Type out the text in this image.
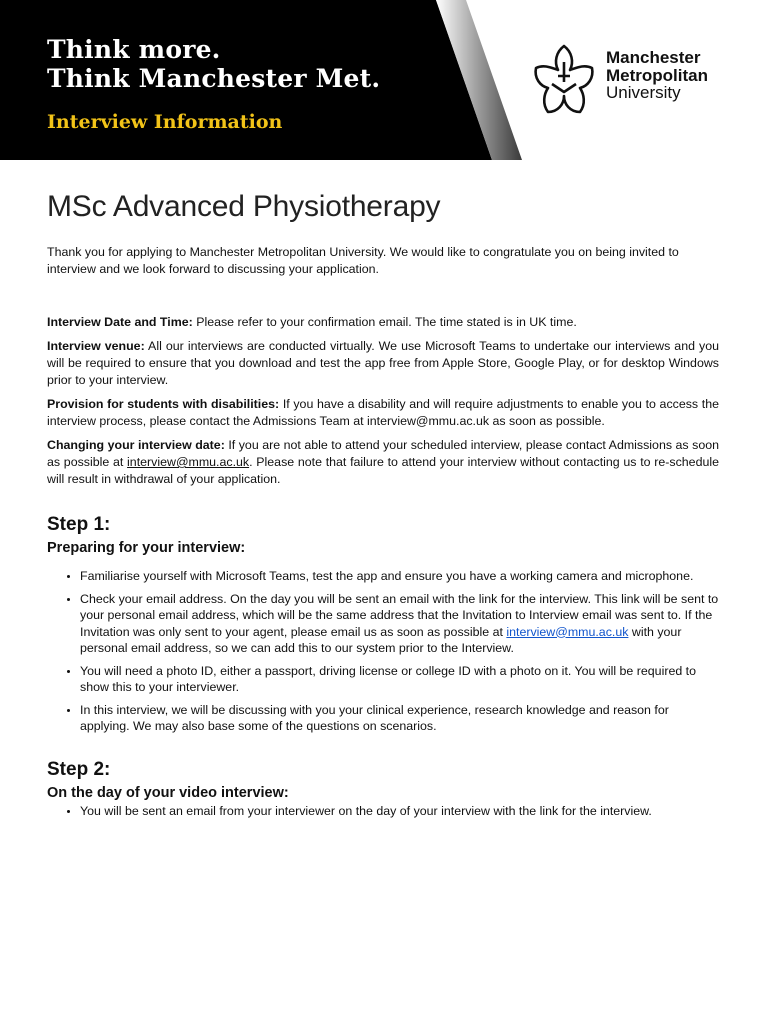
Think more.
Think Manchester Met.
Interview Information
Manchester
Metropolitan
University
MSc Advanced Physiotherapy

Thank you for applying to Manchester Metropolitan University. We would like to congratulate you on being invited to interview and we look forward to discussing your application.

Interview Date and Time: Please refer to your confirmation email. The time stated is in UK time.

Interview venue: All our interviews are conducted virtually. We use Microsoft Teams to undertake our interviews and you will be required to ensure that you download and test the app free from Apple Store, Google Play, or for desktop Windows prior to your interview.

Provision for students with disabilities: If you have a disability and will require adjustments to enable you to access the interview process, please contact the Admissions Team at interview@mmu.ac.uk as soon as possible.

Changing your interview date: If you are not able to attend your scheduled interview, please contact Admissions as soon as possible at interview@mmu.ac.uk. Please note that failure to attend your interview without contacting us to re-schedule will result in withdrawal of your application.

Step 1:
Preparing for your interview:
• Familiarise yourself with Microsoft Teams, test the app and ensure you have a working camera and microphone.
• Check your email address. On the day you will be sent an email with the link for the interview. This link will be sent to your personal email address, which will be the same address that the Invitation to Interview email was sent to. If the Invitation was only sent to your agent, please email us as soon as possible at interview@mmu.ac.uk with your personal email address, so we can add this to our system prior to the Interview.
• You will need a photo ID, either a passport, driving license or college ID with a photo on it. You will be required to show this to your interviewer.
• In this interview, we will be discussing with you your clinical experience, research knowledge and reason for applying. We may also base some of the questions on scenarios.
Step 2:
On the day of your video interview:
• You will be sent an email from your interviewer on the day of your interview with the link for the interview.
